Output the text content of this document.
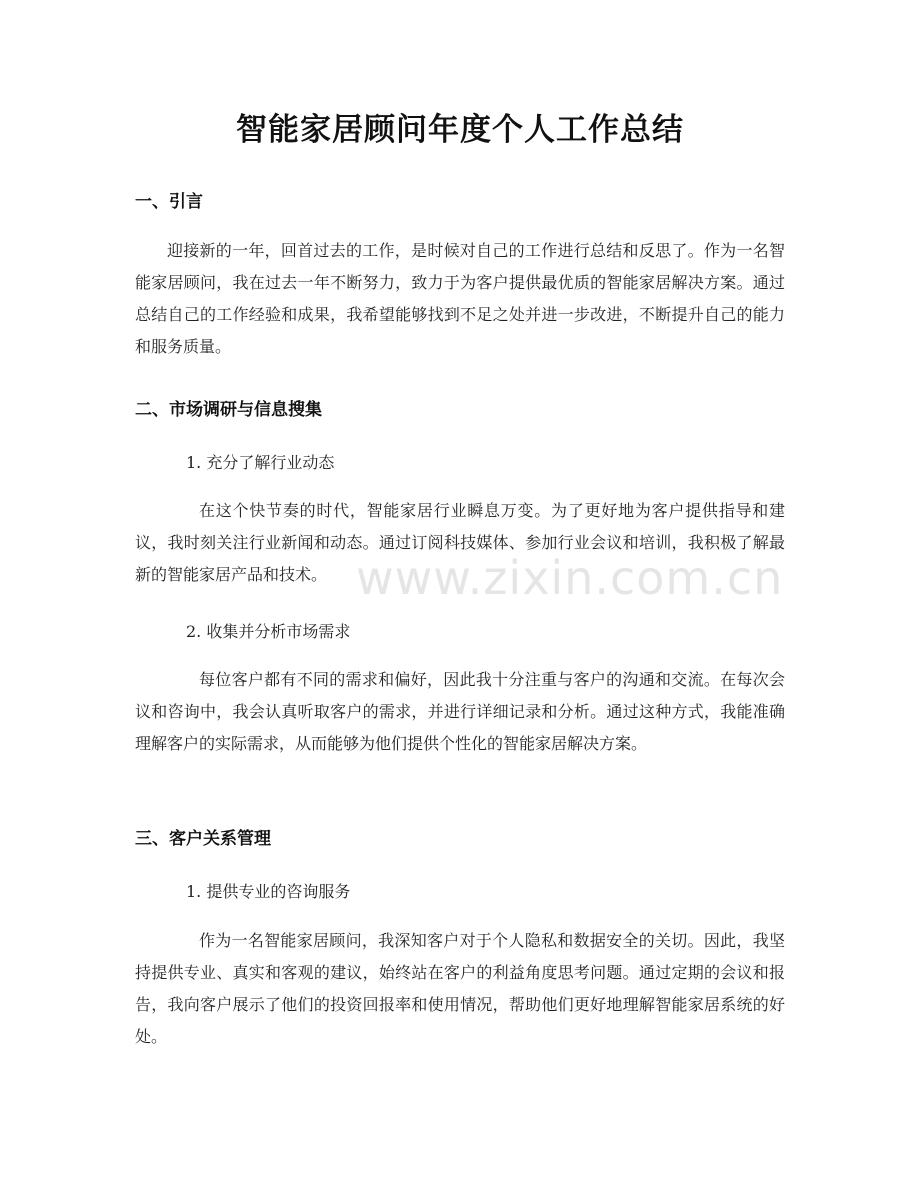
智能家居顾问年度个人工作总结
一、引言
迎接新的一年，回首过去的工作，是时候对自己的工作进行总结和反思了。作为一名智能家居顾问，我在过去一年不断努力，致力于为客户提供最优质的智能家居解决方案。通过总结自己的工作经验和成果，我希望能够找到不足之处并进一步改进，不断提升自己的能力和服务质量。
二、市场调研与信息搜集
1. 充分了解行业动态
在这个快节奏的时代，智能家居行业瞬息万变。为了更好地为客户提供指导和建议，我时刻关注行业新闻和动态。通过订阅科技媒体、参加行业会议和培训，我积极了解最新的智能家居产品和技术。
2. 收集并分析市场需求
每位客户都有不同的需求和偏好，因此我十分注重与客户的沟通和交流。在每次会议和咨询中，我会认真听取客户的需求，并进行详细记录和分析。通过这种方式，我能准确理解客户的实际需求，从而能够为他们提供个性化的智能家居解决方案。
三、客户关系管理
1. 提供专业的咨询服务
作为一名智能家居顾问，我深知客户对于个人隐私和数据安全的关切。因此，我坚持提供专业、真实和客观的建议，始终站在客户的利益角度思考问题。通过定期的会议和报告，我向客户展示了他们的投资回报率和使用情况，帮助他们更好地理解智能家居系统的好处。
www.zixin.com.cn
